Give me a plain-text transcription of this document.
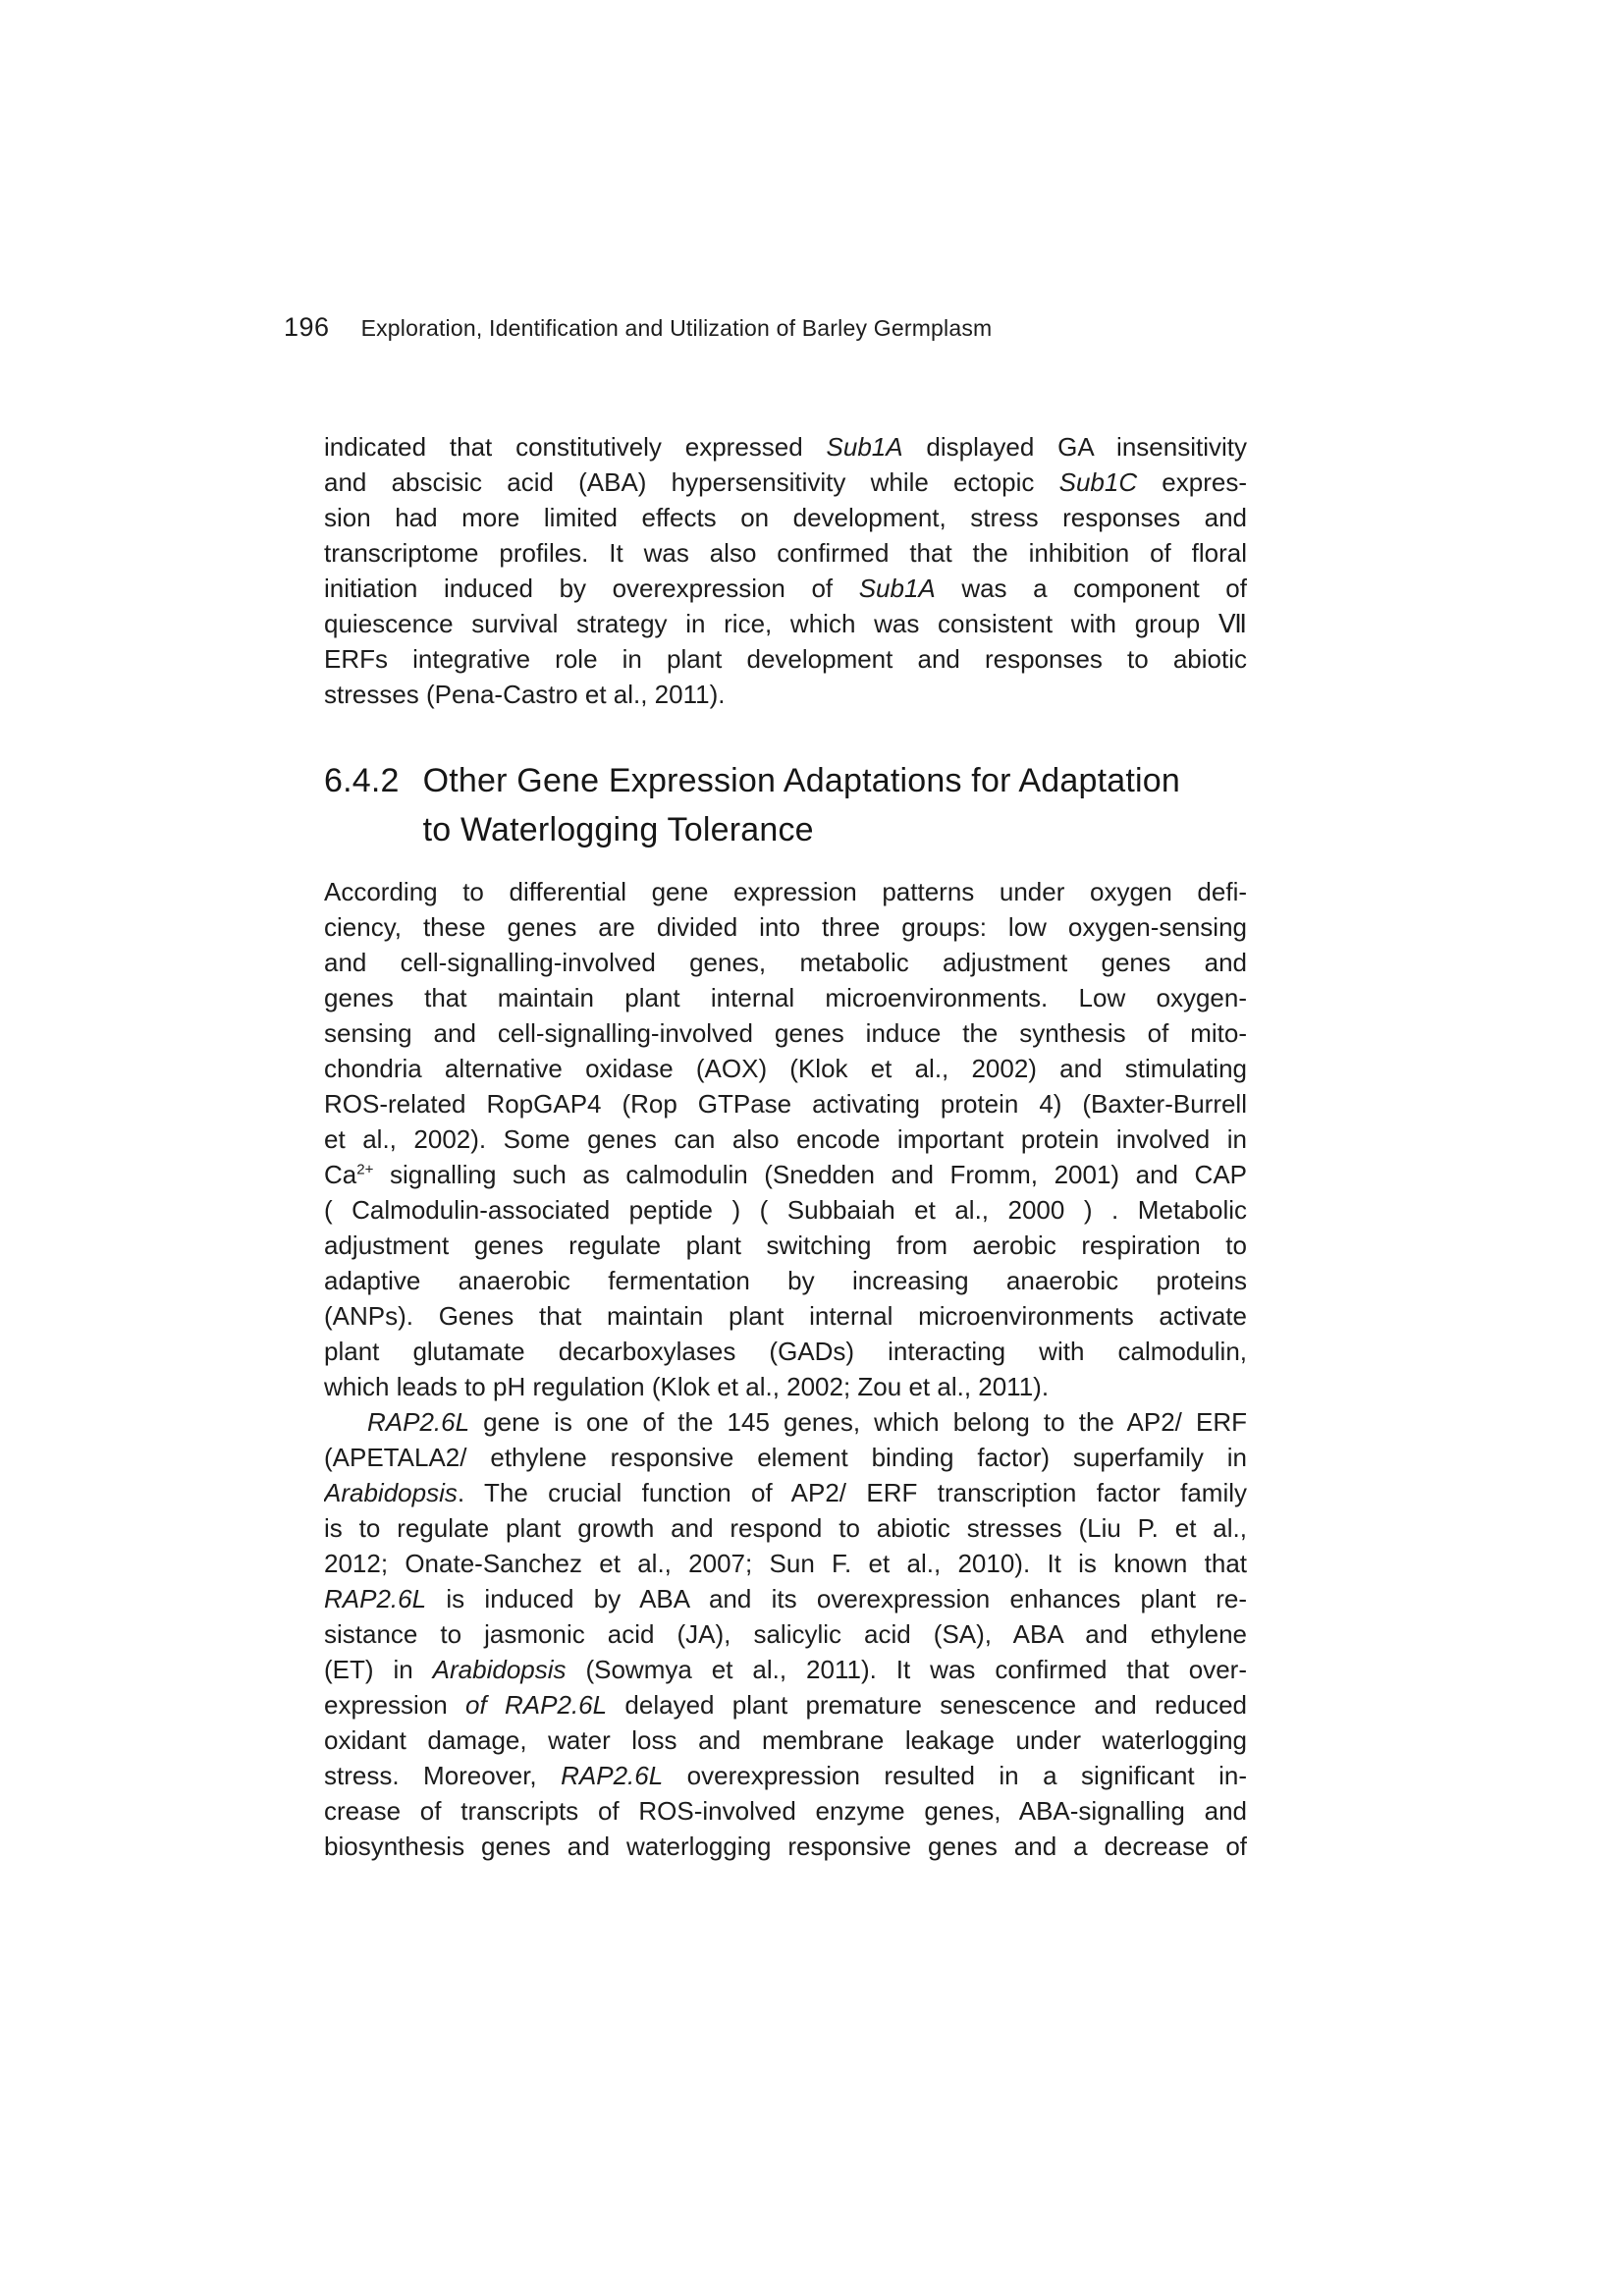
196 Exploration, Identification and Utilization of Barley Germplasm
indicated that constitutively expressed Sub1A displayed GA insensitivity
and abscisic acid (ABA) hypersensitivity while ectopic Sub1C expres-
sion had more limited effects on development, stress responses and
transcriptome profiles. It was also confirmed that the inhibition of floral
initiation induced by overexpression of Sub1A was a component of
quiescence survival strategy in rice, which was consistent with group Ⅶ
ERFs integrative role in plant development and responses to abiotic
stresses (Pena-Castro et al., 2011).
6.4.2 Other Gene Expression Adaptations for Adaptation
to Waterlogging Tolerance
According to differential gene expression patterns under oxygen defi-
ciency, these genes are divided into three groups: low oxygen-sensing
and cell-signalling-involved genes, metabolic adjustment genes and
genes that maintain plant internal microenvironments. Low oxygen-
sensing and cell-signalling-involved genes induce the synthesis of mito-
chondria alternative oxidase (AOX) (Klok et al., 2002) and stimulating
ROS-related RopGAP4 (Rop GTPase activating protein 4) (Baxter-Burrell
et al., 2002). Some genes can also encode important protein involved in
$Ca^{2+}$ signalling such as calmodulin (Snedden and Fromm, 2001) and CAP
( Calmodulin-associated peptide ) ( Subbaiah et al., 2000 ) . Metabolic
adjustment genes regulate plant switching from aerobic respiration to
adaptive anaerobic fermentation by increasing anaerobic proteins
(ANPs). Genes that maintain plant internal microenvironments activate
plant glutamate decarboxylases (GADs) interacting with calmodulin,
which leads to pH regulation (Klok et al., 2002; Zou et al., 2011).
RAP2.6L gene is one of the 145 genes, which belong to the AP2/ ERF
(APETALA2/ ethylene responsive element binding factor) superfamily in
Arabidopsis. The crucial function of AP2/ ERF transcription factor family
is to regulate plant growth and respond to abiotic stresses (Liu P. et al.,
2012; Onate-Sanchez et al., 2007; Sun F. et al., 2010). It is known that
RAP2.6L is induced by ABA and its overexpression enhances plant re-
sistance to jasmonic acid (JA), salicylic acid (SA), ABA and ethylene
(ET) in Arabidopsis (Sowmya et al., 2011). It was confirmed that over-
expression of RAP2.6L delayed plant premature senescence and reduced
oxidant damage, water loss and membrane leakage under waterlogging
stress. Moreover, RAP2.6L overexpression resulted in a significant in-
crease of transcripts of ROS-involved enzyme genes, ABA-signalling and
biosynthesis genes and waterlogging responsive genes and a decrease of
